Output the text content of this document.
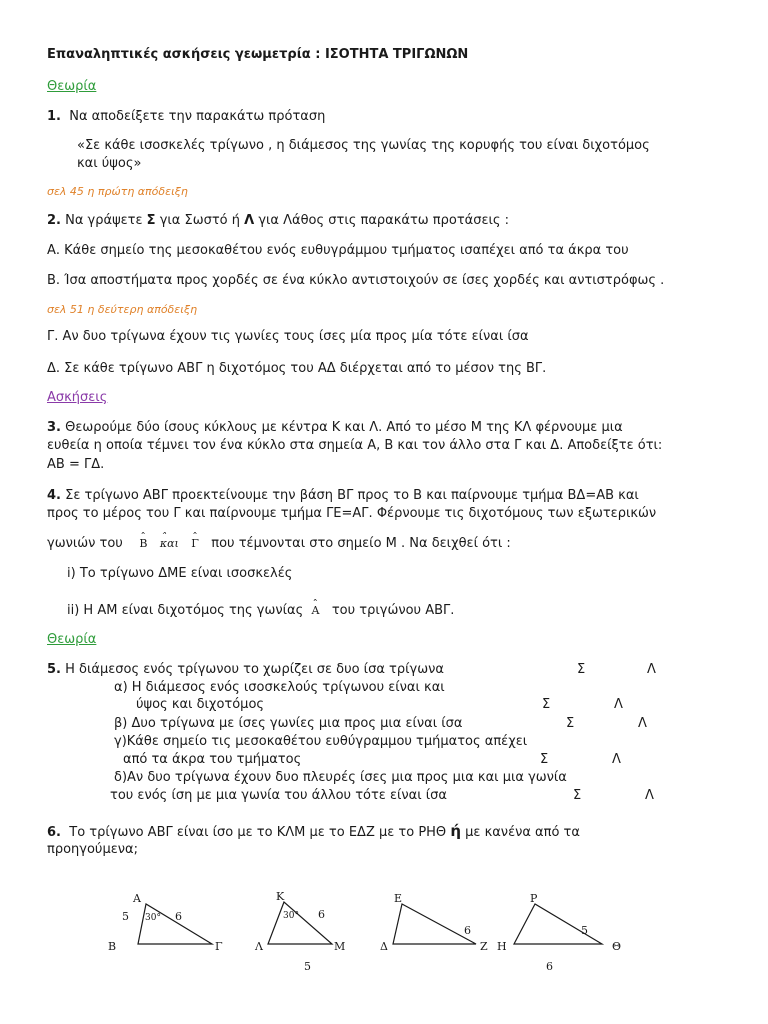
Επαναληπτικές ασκήσεις γεωμετρία : ΙΣΟΤΗΤΑ ΤΡΙΓΩΝΩΝ
Θεωρία
1. Να αποδείξετε την παρακάτω πρόταση
«Σε κάθε ισοσκελές τρίγωνο , η διάμεσος της γωνίας της κορυφής του είναι διχοτόμος
και ύψος»
σελ 45 η πρώτη απόδειξη
2. Να γράψετε Σ για Σωστό ή Λ για Λάθος στις παρακάτω προτάσεις :
Α. Κάθε σημείο της μεσοκαθέτου ενός ευθυγράμμου τμήματος ισαπέχει από τα άκρα του
Β. Ίσα αποστήματα προς χορδές σε ένα κύκλο αντιστοιχούν σε ίσες χορδές και αντιστρόφως .
σελ 51 η δεύτερη απόδειξη
Γ. Αν δυο τρίγωνα έχουν τις γωνίες τους ίσες μία προς μία τότε είναι ίσα
Δ. Σε κάθε τρίγωνο ΑΒΓ η διχοτόμος του ΑΔ διέρχεται από το μέσον της ΒΓ.
Ασκήσεις
3. Θεωρούμε δύο ίσους κύκλους με κέντρα Κ και Λ. Από το μέσο Μ της ΚΛ φέρνουμε μια
ευθεία η οποία τέμνει τον ένα κύκλο στα σημεία Α, Β και τον άλλο στα Γ και Δ. Αποδείξτε ότι:
ΑΒ = ΓΔ.
4. Σε τρίγωνο ΑΒΓ προεκτείνουμε την βάση ΒΓ προς το Β και παίρνουμε τμήμα ΒΔ=ΑΒ και
προς το μέρος του Γ και παίρνουμε τμήμα ΓΕ=ΑΓ. Φέρνουμε τις διχοτόμους των εξωτερικών
γωνιών του ˆ Β ˆ και ˆ Γ που τέμνονται στο σημείο Μ . Να δειχθεί ότι :
i) Το τρίγωνο ΔΜΕ είναι ισοσκελές
ii) Η ΑΜ είναι διχοτόμος της γωνίας ˆ Α του τριγώνου ΑΒΓ.
Θεωρία
5. Η διάμεσος ενός τρίγωνου το χωρίζει σε δυο ίσα τρίγωνα	Σ	Λ
α) Η διάμεσος ενός ισοσκελούς τρίγωνου είναι και
ύψος και διχοτόμος	Σ	Λ
β) Δυο τρίγωνα με ίσες γωνίες μια προς μια είναι ίσα	Σ	Λ
γ)Κάθε σημείο τις μεσοκαθέτου ευθύγραμμου τμήματος απέχει
από τα άκρα του τμήματος	Σ	Λ
δ)Αν δυο τρίγωνα έχουν δυο πλευρές ίσες μια προς μια και μια γωνία
του ενός ίση με μια γωνία του άλλου τότε είναι ίσα	Σ	Λ
6. Το τρίγωνο ΑΒΓ είναι ίσο με το ΚΛΜ με το ΕΔΖ με το ΡΗΘ ή με κανένα από τα
προηγούμενα;
Α
Β	Γ
5	6
30°
Κ
Λ	Μ
6
30°
5
Ε
Δ	Ζ
6
Ρ
Η	Θ
5
6
